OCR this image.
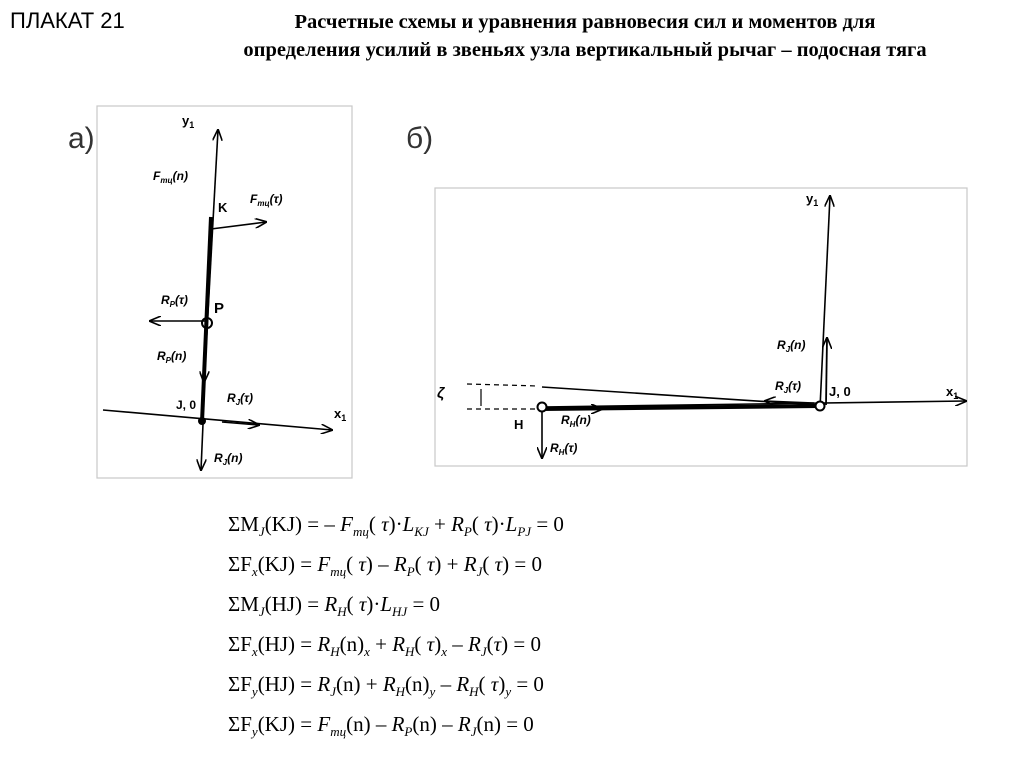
ПЛАКАТ 21	Расчетные схемы и уравнения равновесия сил и моментов для
определения усилий в звеньях узла вертикальный рычаг – подосная тяга
а)	б)
$y_1$
$x_1$
K
P
J, 0
$F_{тц}(n)$
$F_{тц}(\tau)$
$R_P(\tau)$
$R_P(n)$
$R_J(\tau)$
$R_J(n)$
ζ
$y_1$
$x_1$
H
J, 0
$R_J(n)$
$R_J(\tau)$
$R_H(n)$
$R_H(\tau)$
$\Sigma M_J(KJ)$ = – $F_{тц}$( $\tau)\cdot L_{KJ} + R_P$( $\tau)\cdot L_{PJ} = 0$
$\Sigma F_x(KJ) = F_{тц}$( $\tau) - R_P$( $\tau) + R_J$( τ) = 0
$\Sigma M_J(HJ) = R_H$( $\tau)\cdot L_{HJ} = 0$
$\Sigma F_x(HJ) = R_H(n)_x + R_H$( $\tau)_x - R_J(\tau) = 0$
$\Sigma F_y(HJ) = R_J(n) + R_H(n)_y - R_H$( $\tau)_y = 0$
$\Sigma F_y(KJ) = F_{тц}(n) - R_P(n) - R_J(n) = 0$
